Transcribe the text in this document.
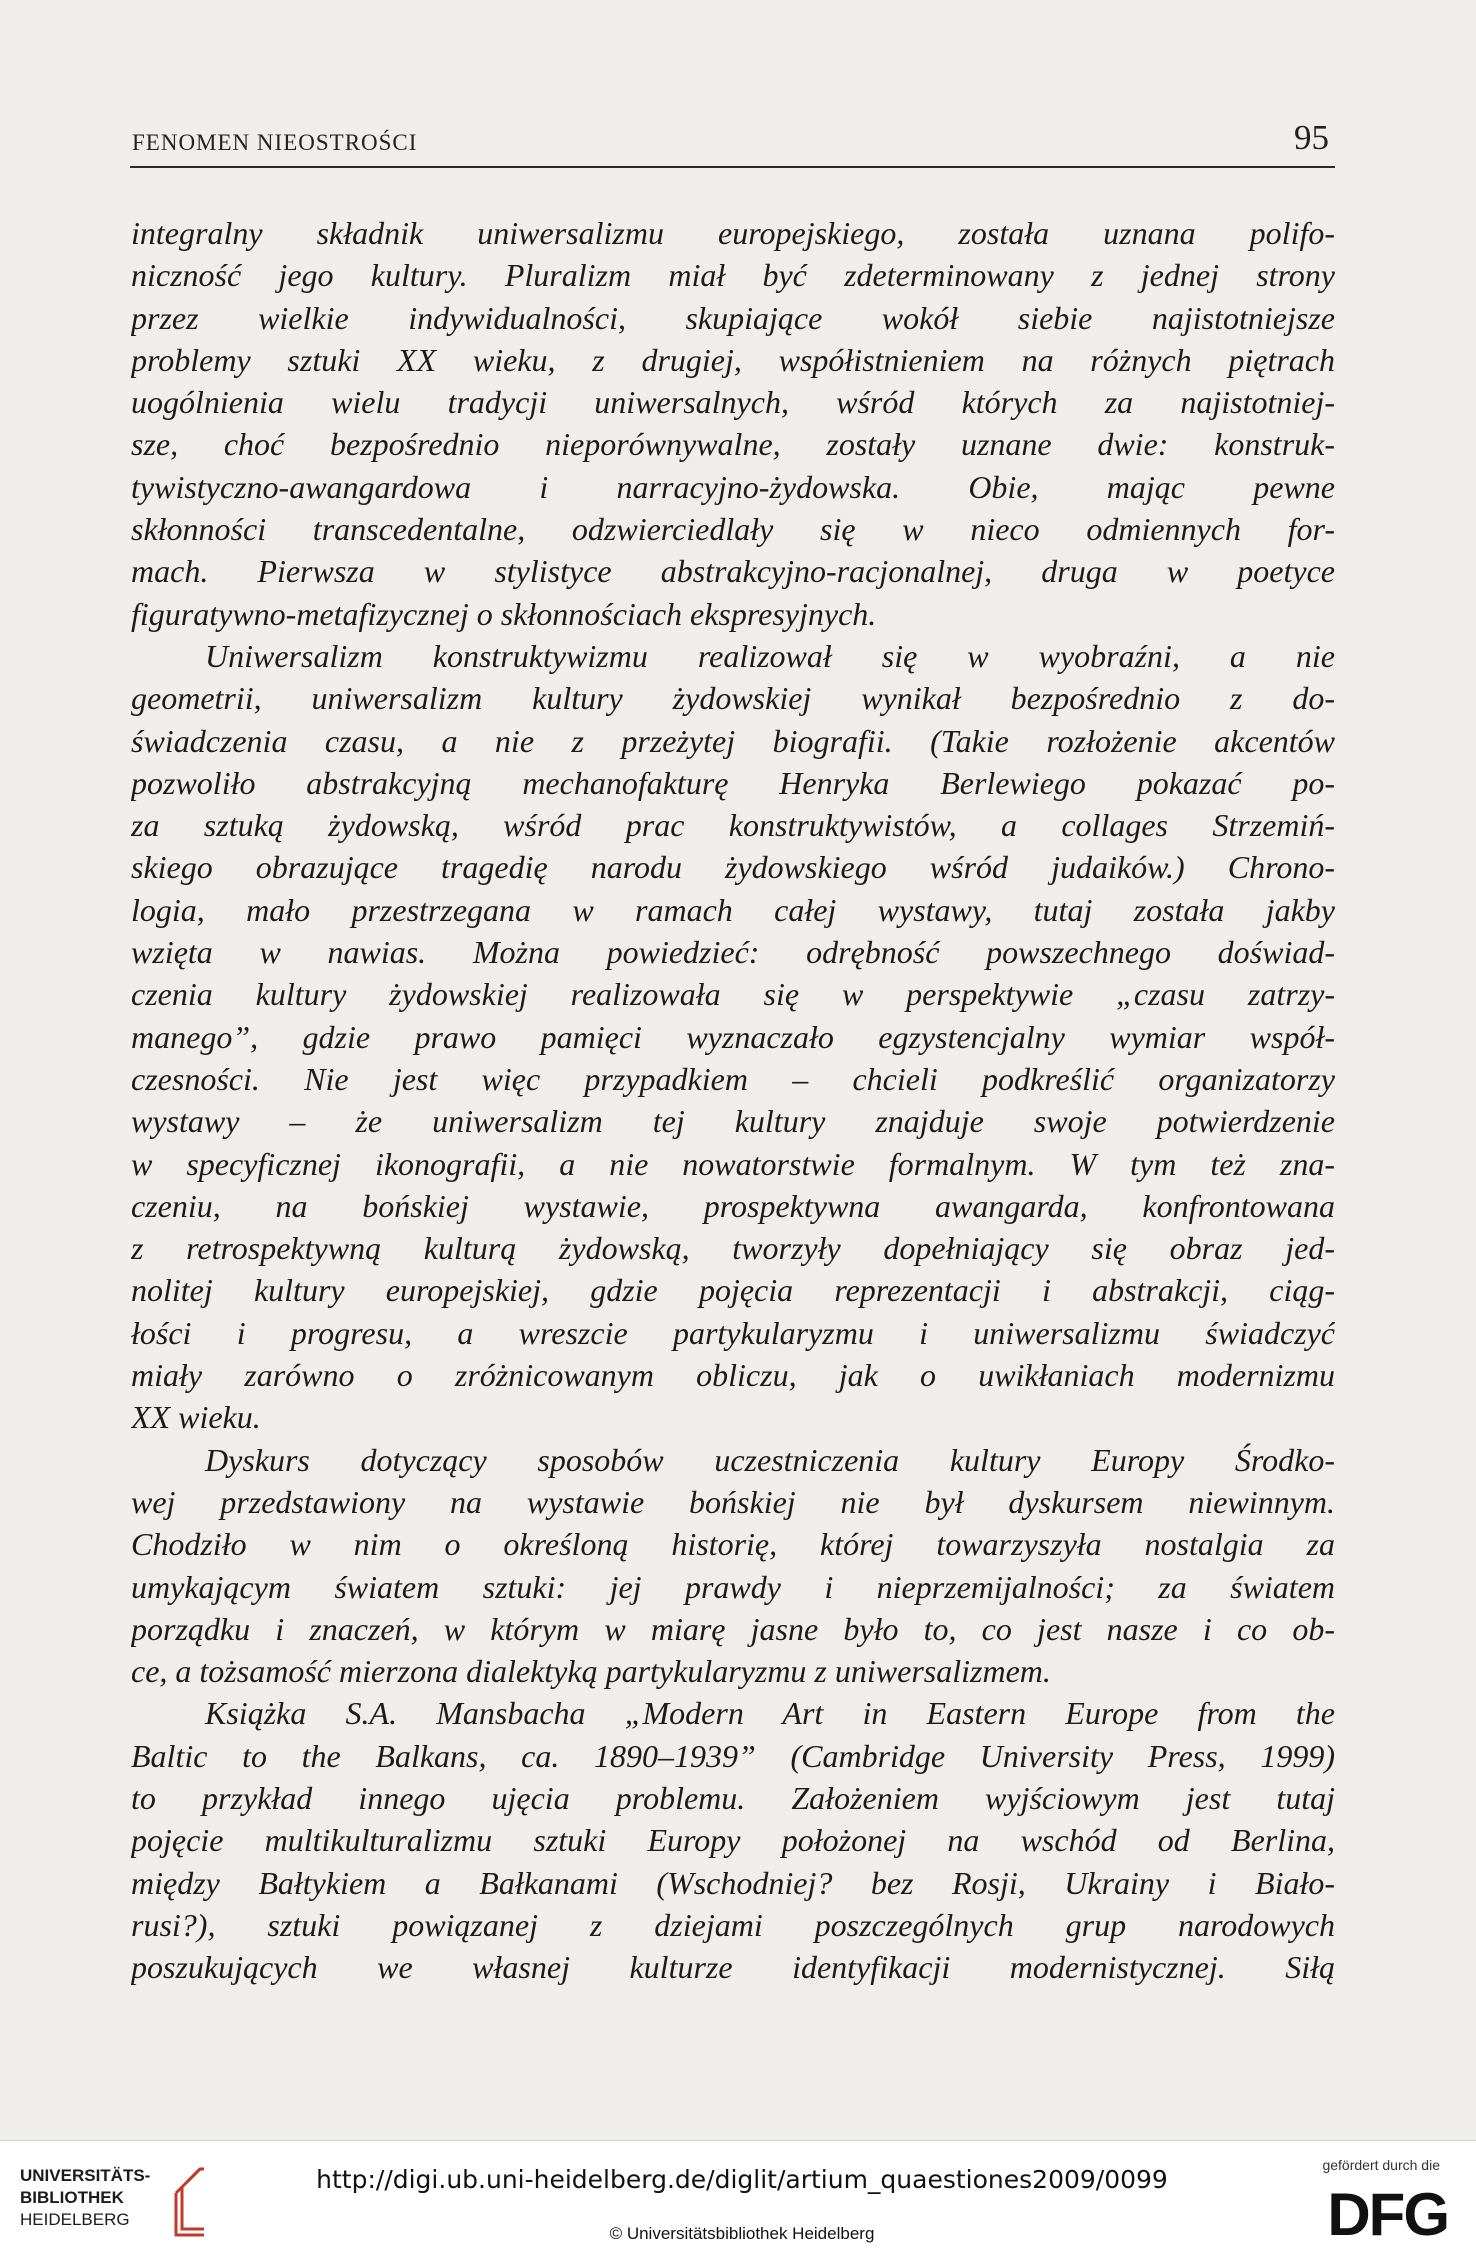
FENOMEN NIEOSTROŚCI	95
integralny składnik uniwersalizmu europejskiego, została uznana polifo-
niczność jego kultury. Pluralizm miał być zdeterminowany z jednej strony
przez wielkie indywidualności, skupiające wokół siebie najistotniejsze
problemy sztuki XX wieku, z drugiej, współistnieniem na różnych piętrach
uogólnienia wielu tradycji uniwersalnych, wśród których za najistotniej-
sze, choć bezpośrednio nieporównywalne, zostały uznane dwie: konstruk-
tywistyczno-awangardowa i narracyjno-żydowska. Obie, mając pewne
skłonności transcedentalne, odzwierciedlały się w nieco odmiennych for-
mach. Pierwsza w stylistyce abstrakcyjno-racjonalnej, druga w poetyce
figuratywno-metafizycznej o skłonnościach ekspresyjnych.
Uniwersalizm konstruktywizmu realizował się w wyobraźni, a nie
geometrii, uniwersalizm kultury żydowskiej wynikał bezpośrednio z do-
świadczenia czasu, a nie z przeżytej biografii. (Takie rozłożenie akcentów
pozwoliło abstrakcyjną mechanofakturę Henryka Berlewiego pokazać po-
za sztuką żydowską, wśród prac konstruktywistów, a collages Strzemiń-
skiego obrazujące tragedię narodu żydowskiego wśród judaików.) Chrono-
logia, mało przestrzegana w ramach całej wystawy, tutaj została jakby
wzięta w nawias. Można powiedzieć: odrębność powszechnego doświad-
czenia kultury żydowskiej realizowała się w perspektywie „czasu zatrzy-
manego”, gdzie prawo pamięci wyznaczało egzystencjalny wymiar współ-
czesności. Nie jest więc przypadkiem – chcieli podkreślić organizatorzy
wystawy – że uniwersalizm tej kultury znajduje swoje potwierdzenie
w specyficznej ikonografii, a nie nowatorstwie formalnym. W tym też zna-
czeniu, na bońskiej wystawie, prospektywna awangarda, konfrontowana
z retrospektywną kulturą żydowską, tworzyły dopełniający się obraz jed-
nolitej kultury europejskiej, gdzie pojęcia reprezentacji i abstrakcji, ciąg-
łości i progresu, a wreszcie partykularyzmu i uniwersalizmu świadczyć
miały zarówno o zróżnicowanym obliczu, jak o uwikłaniach modernizmu
XX wieku.
Dyskurs dotyczący sposobów uczestniczenia kultury Europy Środko-
wej przedstawiony na wystawie bońskiej nie był dyskursem niewinnym.
Chodziło w nim o określoną historię, której towarzyszyła nostalgia za
umykającym światem sztuki: jej prawdy i nieprzemijalności; za światem
porządku i znaczeń, w którym w miarę jasne było to, co jest nasze i co ob-
ce, a tożsamość mierzona dialektyką partykularyzmu z uniwersalizmem.
Książka S.A. Mansbacha „Modern Art in Eastern Europe from the
Baltic to the Balkans, ca. 1890–1939” (Cambridge University Press, 1999)
to przykład innego ujęcia problemu. Założeniem wyjściowym jest tutaj
pojęcie multikulturalizmu sztuki Europy położonej na wschód od Berlina,
między Bałtykiem a Bałkanami (Wschodniej? bez Rosji, Ukrainy i Biało-
rusi?), sztuki powiązanej z dziejami poszczególnych grup narodowych
poszukujących we własnej kulturze identyfikacji modernistycznej. Siłą
UNIVERSITÄTS-
BIBLIOTHEK
HEIDELBERG
http://digi.ub.uni-heidelberg.de/diglit/artium_quaestiones2009/0099
© Universitätsbibliothek Heidelberg
gefördert durch die
DFG
